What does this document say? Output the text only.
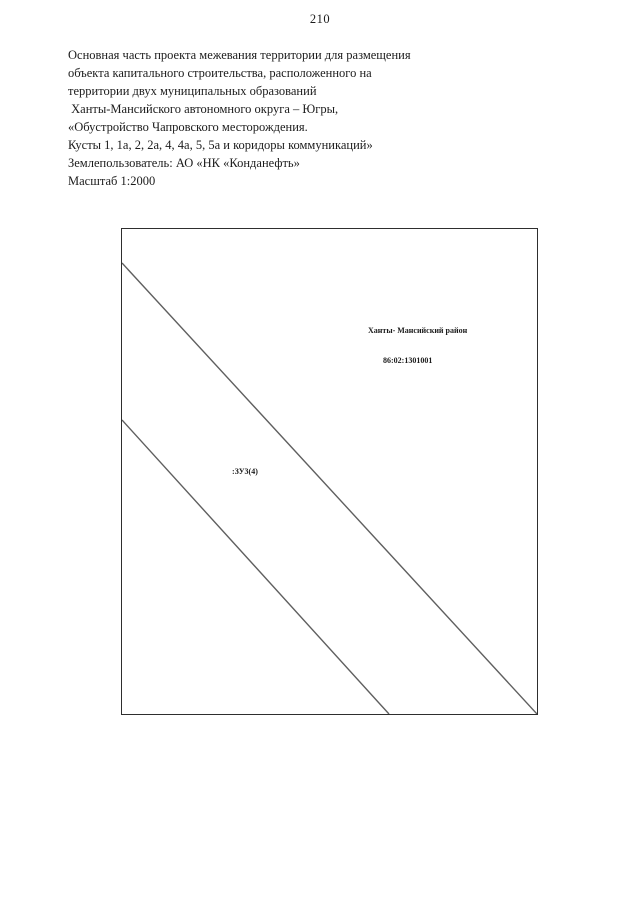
210
Основная часть проекта межевания территории для размещения
объекта капитального строительства, расположенного на
территории двух муниципальных образований
Ханты-Мансийского автономного округа – Югры,
«Обустройство Чапровского месторождения.
Кусты 1, 1а, 2, 2а, 4, 4а, 5, 5а и коридоры коммуникаций»
Землепользователь: АО «НК «Конданефть»
Масштаб 1:2000
Ханты- Мансийский район
86:02:1301001
:ЗУ3(4)
